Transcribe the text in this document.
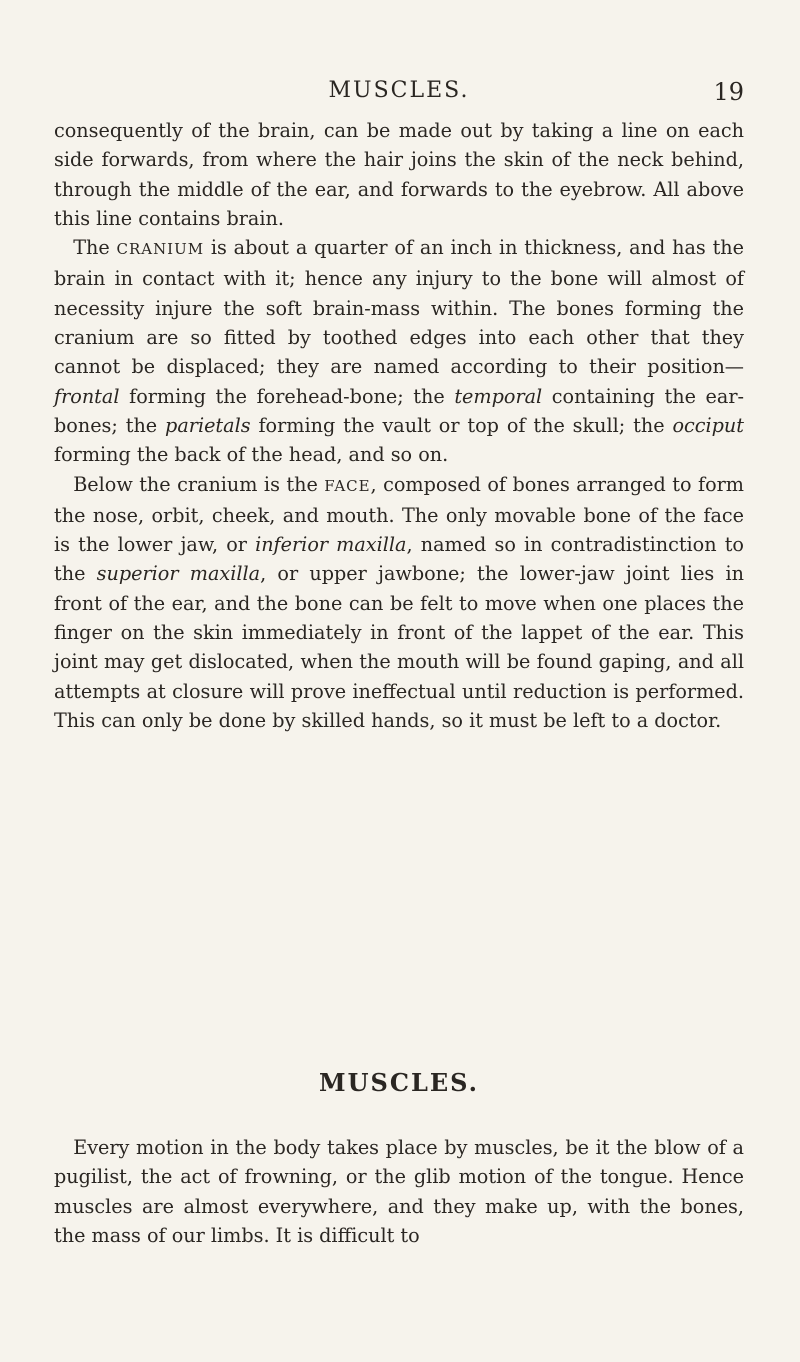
MUSCLES.	19

consequently of the brain, can be made out by taking a line on each side forwards, from where the hair joins the skin of the neck behind, through the middle of the ear, and forwards to the eyebrow. All above this line contains brain.

The CRANIUM is about a quarter of an inch in thickness, and has the brain in contact with it; hence any injury to the bone will almost of necessity injure the soft brain-mass within. The bones forming the cranium are so fitted by toothed edges into each other that they cannot be displaced; they are named according to their position—frontal forming the forehead-bone; the temporal containing the ear-bones; the parietals forming the vault or top of the skull; the occiput forming the back of the head, and so on.

Below the cranium is the FACE, composed of bones arranged to form the nose, orbit, cheek, and mouth. The only movable bone of the face is the lower jaw, or inferior maxilla, named so in contradistinction to the superior maxilla, or upper jawbone; the lower-jaw joint lies in front of the ear, and the bone can be felt to move when one places the finger on the skin immediately in front of the lappet of the ear. This joint may get dislocated, when the mouth will be found gaping, and all attempts at closure will prove ineffectual until reduction is performed. This can only be done by skilled hands, so it must be left to a doctor.

MUSCLES.

Every motion in the body takes place by muscles, be it the blow of a pugilist, the act of frowning, or the glib motion of the tongue. Hence muscles are almost everywhere, and they make up, with the bones, the mass of our limbs. It is difficult to
